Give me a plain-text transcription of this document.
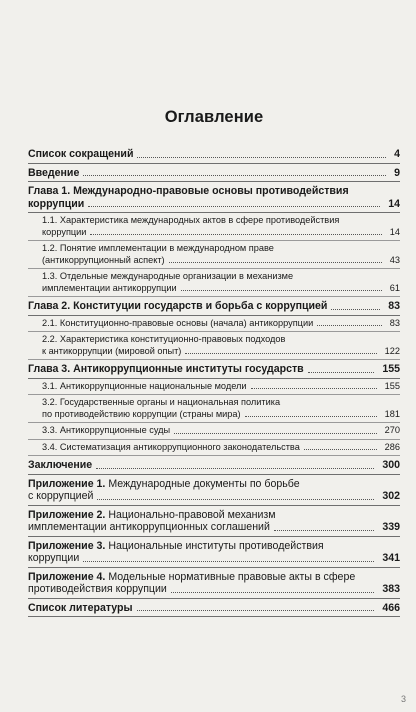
Оглавление
Список сокращений	4
Введение	9
Глава 1. Международно-правовые основы противодействия
коррупции	14
1.1. Характеристика международных актов в сфере противодействия
коррупции	14
1.2. Понятие имплементации в международном праве
(антикоррупционный аспект)	43
1.3. Отдельные международные организации в механизме
имплементации антикоррупции	61
Глава 2. Конституции государств и борьба с коррупцией	83
2.1. Конституционно-правовые основы (начала) антикоррупции	83
2.2. Характеристика конституционно-правовых подходов
к антикоррупции (мировой опыт)	122
Глава 3. Антикоррупционные институты государств	155
3.1. Антикоррупционные национальные модели	155
3.2. Государственные органы и национальная политика
по противодействию коррупции (страны мира)	181
3.3. Антикоррупционные суды	270
3.4. Систематизация антикоррупционного законодательства	286
Заключение	300
Приложение 1. Международные документы по борьбе
с коррупцией	302
Приложение 2. Национально-правовой механизм
имплементации антикоррупционных соглашений	339
Приложение 3. Национальные институты противодействия
коррупции	341
Приложение 4. Модельные нормативные правовые акты в сфере
противодействия коррупции	383
Список литературы	466
3
